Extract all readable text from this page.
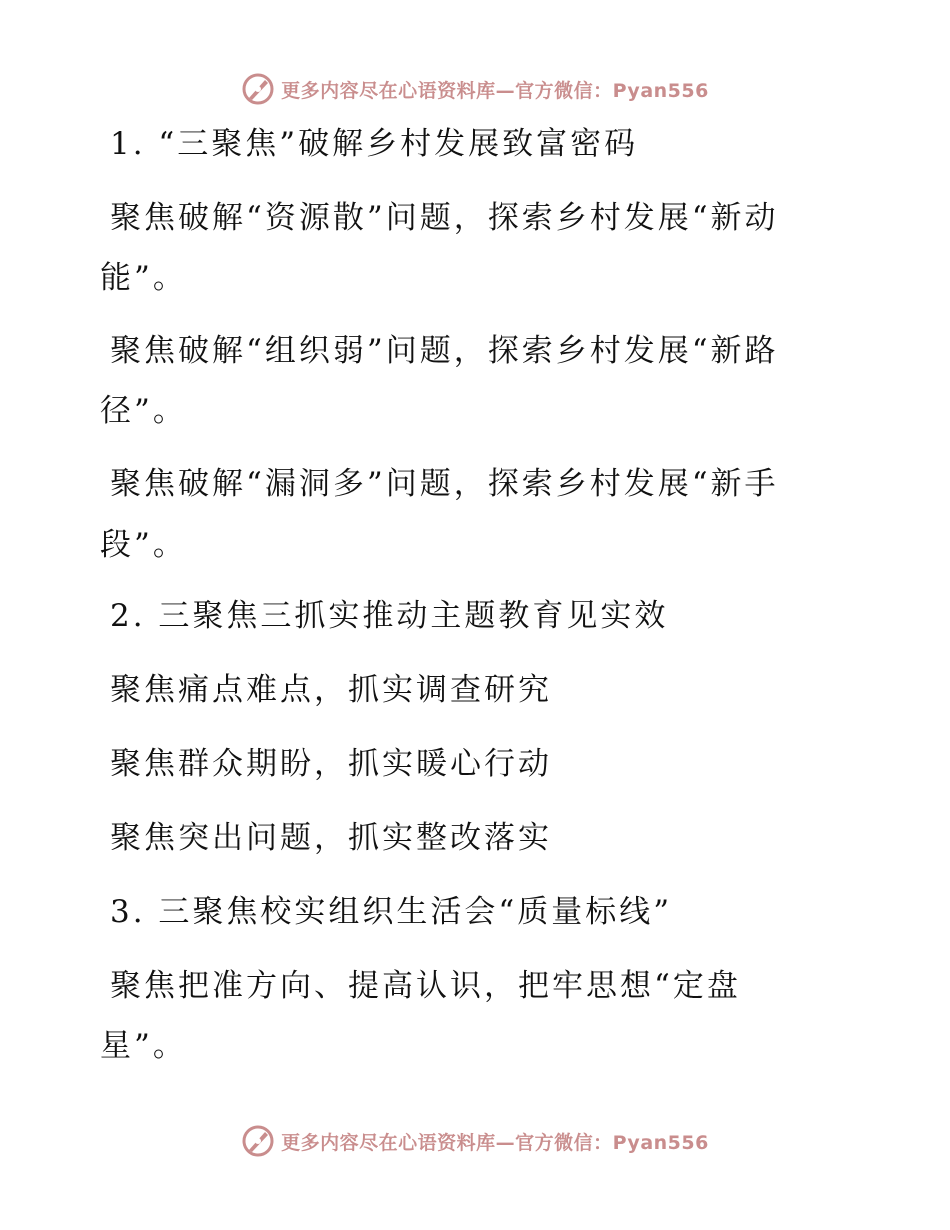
更多内容尽在心语资料库—官方微信：Pyan556
1. “三聚焦”破解乡村发展致富密码
聚焦破解“资源散”问题，探索乡村发展“新动
能”。
聚焦破解“组织弱”问题，探索乡村发展“新路
径”。
聚焦破解“漏洞多”问题，探索乡村发展“新手
段”。
2. 三聚焦三抓实推动主题教育见实效
聚焦痛点难点，抓实调查研究
聚焦群众期盼，抓实暖心行动
聚焦突出问题，抓实整改落实
3. 三聚焦校实组织生活会“质量标线”
聚焦把准方向、提高认识，把牢思想“定盘
星”。
更多内容尽在心语资料库—官方微信：Pyan556
